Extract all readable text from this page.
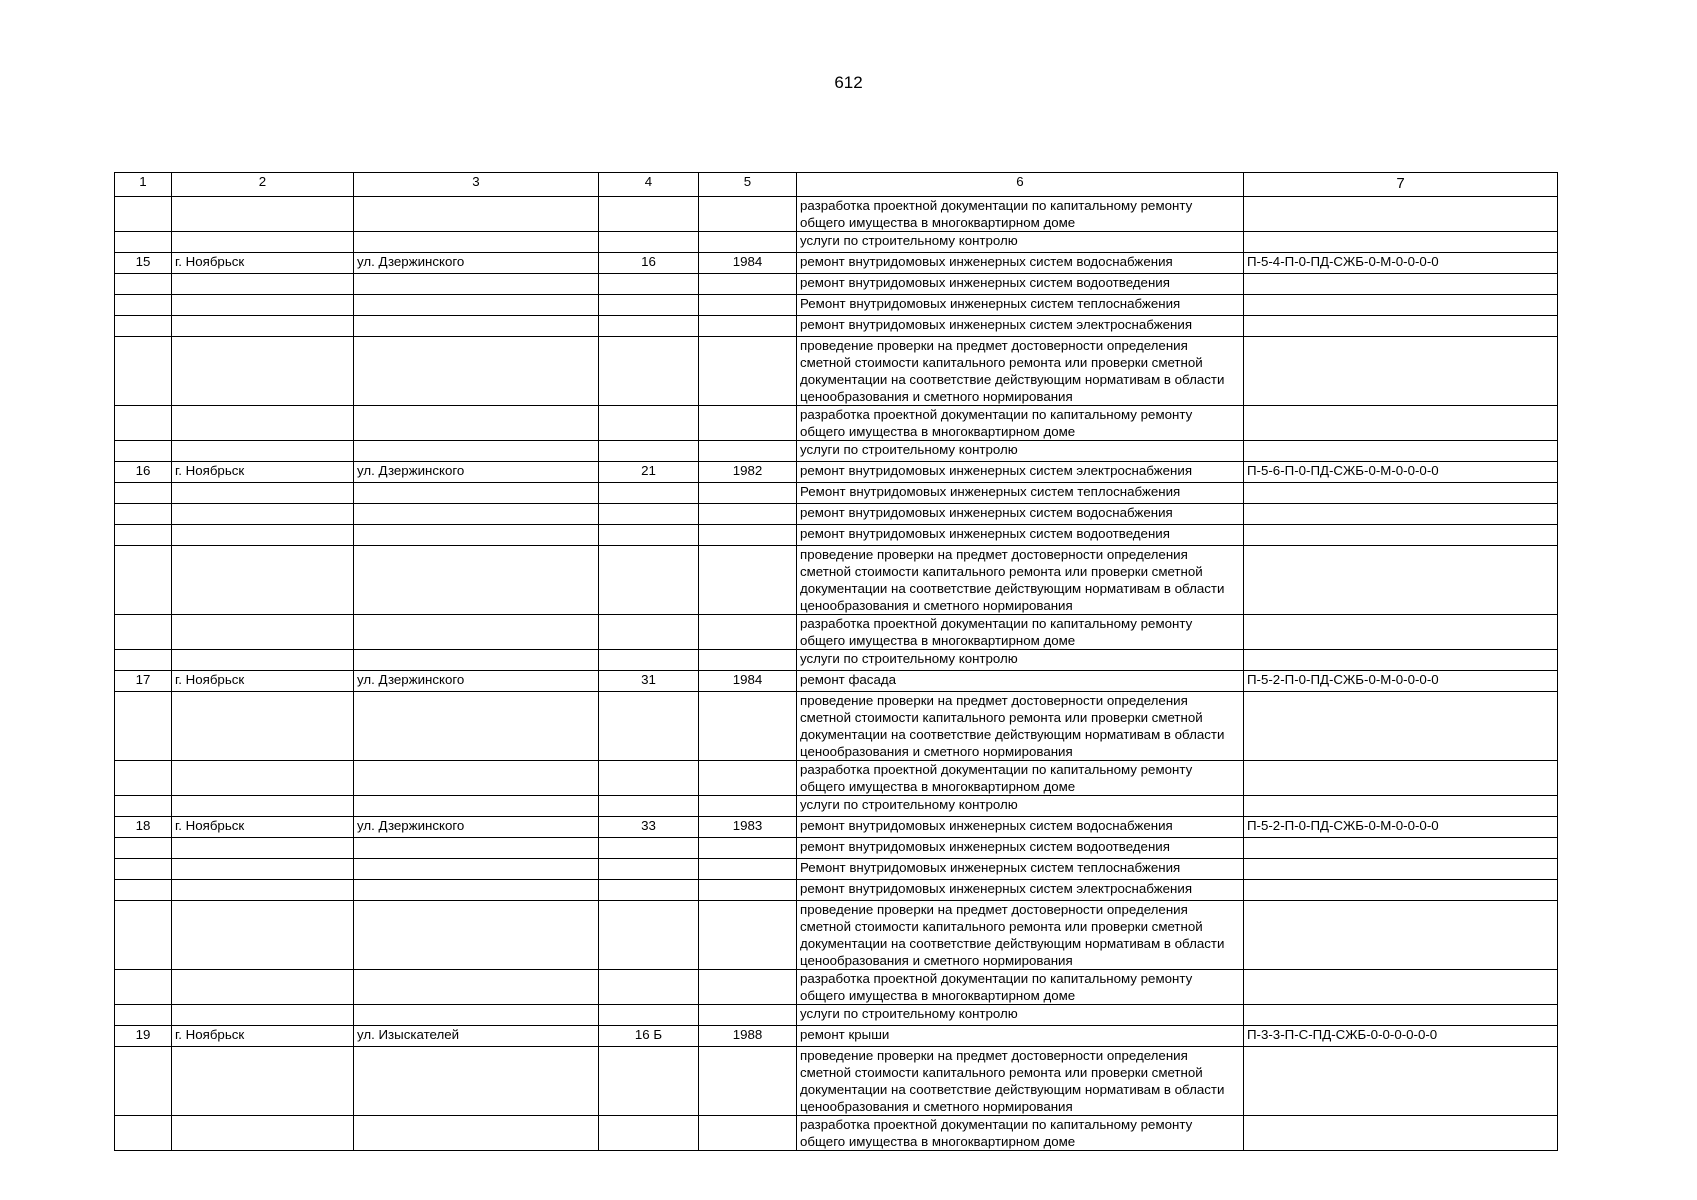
612
1	2	3	4	5	6	7
					разработка проектной документации по капитальному ремонту общего имущества в многоквартирном доме	
					услуги по строительному контролю	
15	г. Ноябрьск	ул. Дзержинского	16	1984	ремонт внутридомовых инженерных систем водоснабжения	П-5-4-П-0-ПД-СЖБ-0-М-0-0-0-0
					ремонт внутридомовых инженерных систем водоотведения	
					Ремонт внутридомовых инженерных систем теплоснабжения	
					ремонт внутридомовых инженерных систем электроснабжения	
					проведение проверки на предмет достоверности определения сметной стоимости капитального ремонта или проверки сметной документации на соответствие действующим нормативам в области ценообразования и сметного нормирования	
					разработка проектной документации по капитальному ремонту общего имущества в многоквартирном доме	
					услуги по строительному контролю	
16	г. Ноябрьск	ул. Дзержинского	21	1982	ремонт внутридомовых инженерных систем электроснабжения	П-5-6-П-0-ПД-СЖБ-0-М-0-0-0-0
					Ремонт внутридомовых инженерных систем теплоснабжения	
					ремонт внутридомовых инженерных систем водоснабжения	
					ремонт внутридомовых инженерных систем водоотведения	
					проведение проверки на предмет достоверности определения сметной стоимости капитального ремонта или проверки сметной документации на соответствие действующим нормативам в области ценообразования и сметного нормирования	
					разработка проектной документации по капитальному ремонту общего имущества в многоквартирном доме	
					услуги по строительному контролю	
17	г. Ноябрьск	ул. Дзержинского	31	1984	ремонт фасада	П-5-2-П-0-ПД-СЖБ-0-М-0-0-0-0
					проведение проверки на предмет достоверности определения сметной стоимости капитального ремонта или проверки сметной документации на соответствие действующим нормативам в области ценообразования и сметного нормирования	
					разработка проектной документации по капитальному ремонту общего имущества в многоквартирном доме	
					услуги по строительному контролю	
18	г. Ноябрьск	ул. Дзержинского	33	1983	ремонт внутридомовых инженерных систем водоснабжения	П-5-2-П-0-ПД-СЖБ-0-М-0-0-0-0
					ремонт внутридомовых инженерных систем водоотведения	
					Ремонт внутридомовых инженерных систем теплоснабжения	
					ремонт внутридомовых инженерных систем электроснабжения	
					проведение проверки на предмет достоверности определения сметной стоимости капитального ремонта или проверки сметной документации на соответствие действующим нормативам в области ценообразования и сметного нормирования	
					разработка проектной документации по капитальному ремонту общего имущества в многоквартирном доме	
					услуги по строительному контролю	
19	г. Ноябрьск	ул. Изыскателей	16 Б	1988	ремонт крыши	П-3-3-П-С-ПД-СЖБ-0-0-0-0-0-0
					проведение проверки на предмет достоверности определения сметной стоимости капитального ремонта или проверки сметной документации на соответствие действующим нормативам в области ценообразования и сметного нормирования	
					разработка проектной документации по капитальному ремонту общего имущества в многоквартирном доме	
